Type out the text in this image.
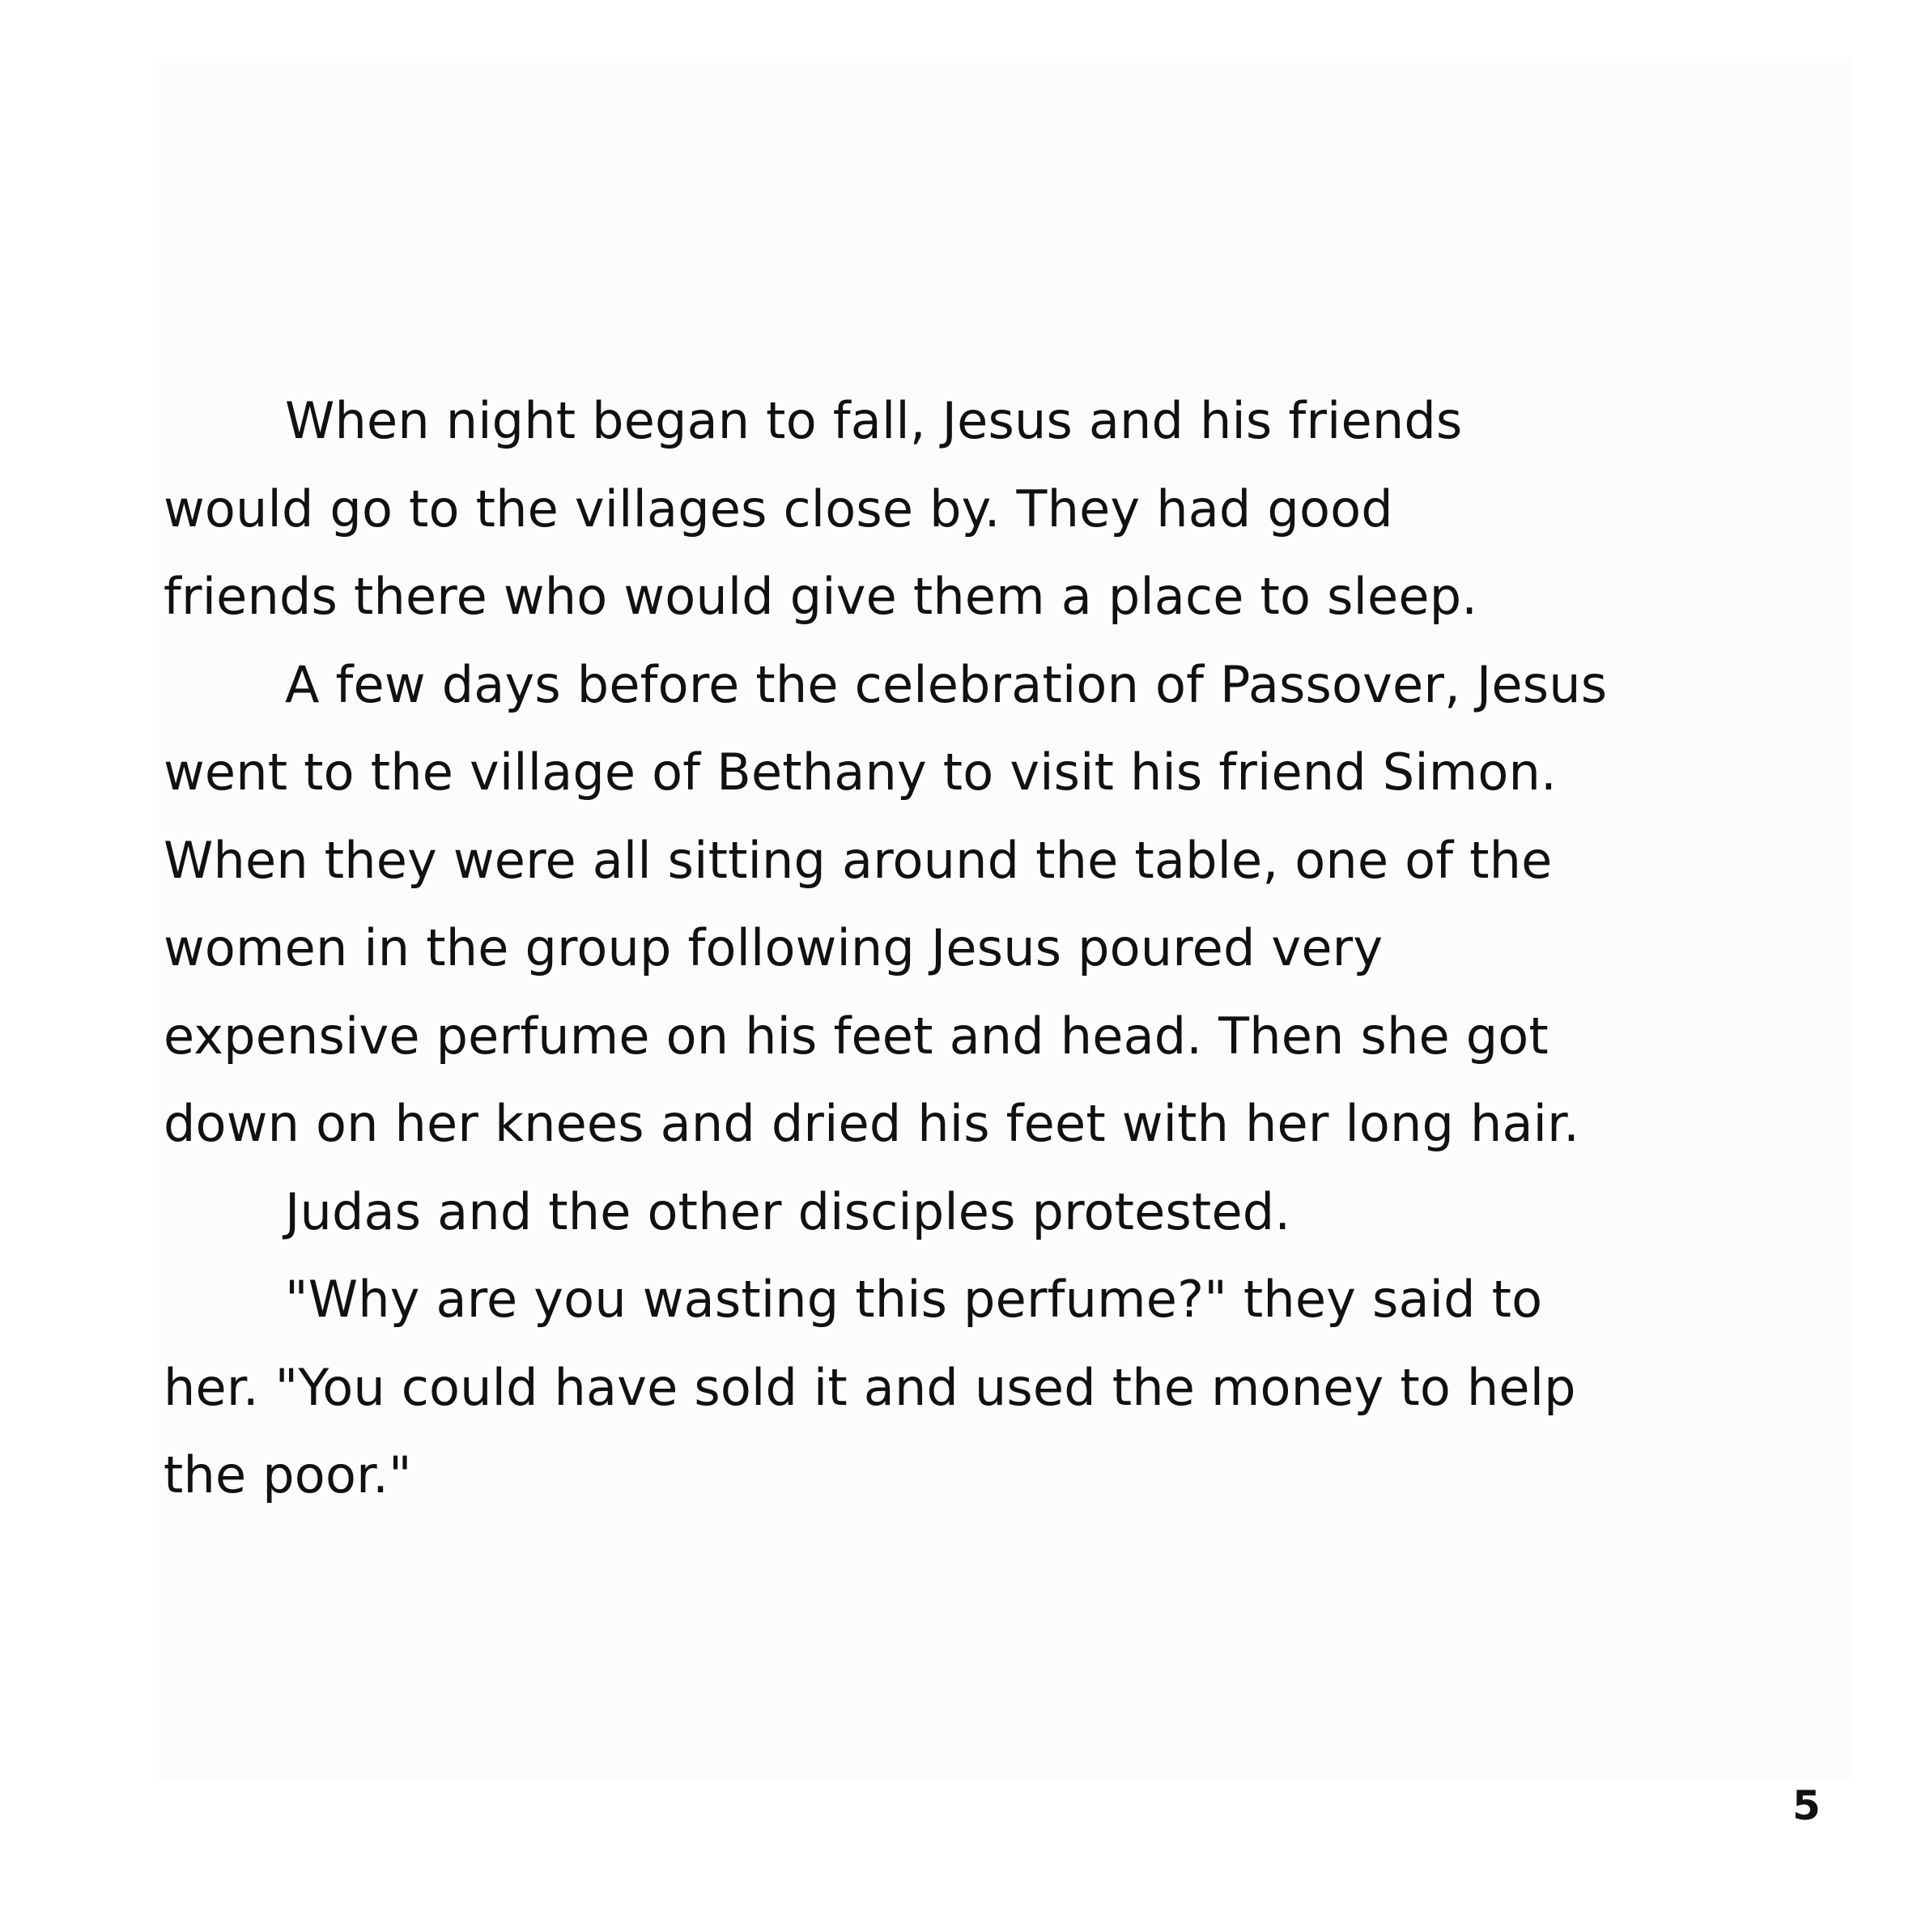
When night began to fall, Jesus and his friends
would go to the villages close by. They had good
friends there who would give them a place to sleep.
A few days before the celebration of Passover, Jesus
went to the village of Bethany to visit his friend Simon.
When they were all sitting around the table, one of the
women in the group following Jesus poured very
expensive perfume on his feet and head. Then she got
down on her knees and dried his feet with her long hair.
Judas and the other disciples protested.
"Why are you wasting this perfume?" they said to
her. "You could have sold it and used the money to help
the poor."
5
